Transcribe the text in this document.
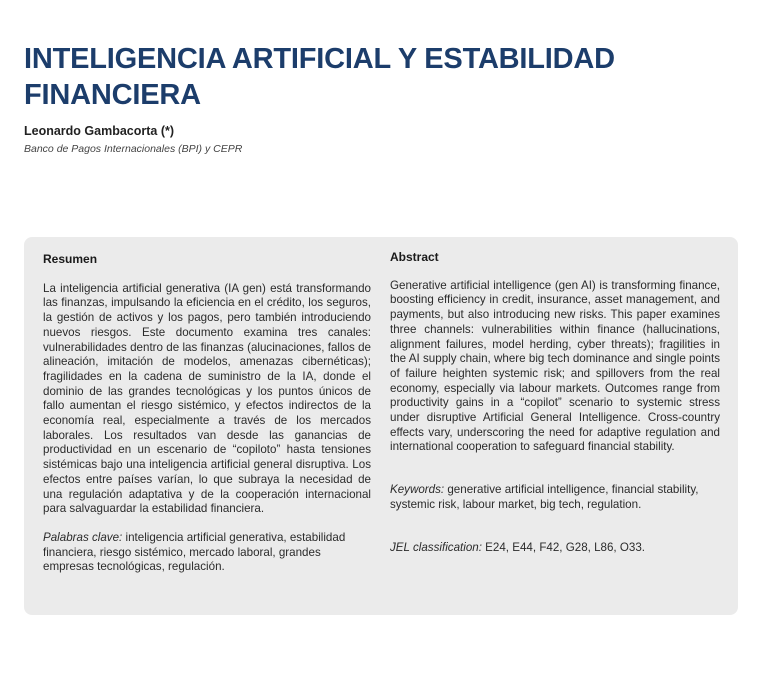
INTELIGENCIA ARTIFICIAL Y ESTABILIDAD FINANCIERA
Leonardo Gambacorta (*)
Banco de Pagos Internacionales (BPI) y CEPR
Resumen

La inteligencia artificial generativa (IA gen) está transformando las finanzas, impulsando la eficiencia en el crédito, los seguros, la gestión de activos y los pagos, pero también introduciendo nuevos riesgos. Este documento examina tres canales: vulnerabilidades dentro de las finanzas (alucinaciones, fallos de alineación, imitación de modelos, amenazas cibernéticas); fragilidades en la cadena de suministro de la IA, donde el dominio de las grandes tecnológicas y los puntos únicos de fallo aumentan el riesgo sistémico, y efectos indirectos de la economía real, especialmente a través de los mercados laborales. Los resultados van desde las ganancias de productividad en un escenario de “copiloto” hasta tensiones sistémicas bajo una inteligencia artificial general disruptiva. Los efectos entre países varían, lo que subraya la necesidad de una regulación adaptativa y de la cooperación internacional para salvaguardar la estabilidad financiera.

Palabras clave: inteligencia artificial generativa, estabilidad financiera, riesgo sistémico, mercado laboral, grandes empresas tecnológicas, regulación.

Abstract

Generative artificial intelligence (gen AI) is transforming finance, boosting efficiency in credit, insurance, asset management, and payments, but also introducing new risks. This paper examines three channels: vulnerabilities within finance (hallucinations, alignment failures, model herding, cyber threats); fragilities in the AI supply chain, where big tech dominance and single points of failure heighten systemic risk; and spillovers from the real economy, especially via labour markets. Outcomes range from productivity gains in a “copilot” scenario to systemic stress under disruptive Artificial General Intelligence. Cross-country effects vary, underscoring the need for adaptive regulation and international cooperation to safeguard financial stability.

Keywords: generative artificial intelligence, financial stability, systemic risk, labour market, big tech, regulation.

JEL classification: E24, E44, F42, G28, L86, O33.
